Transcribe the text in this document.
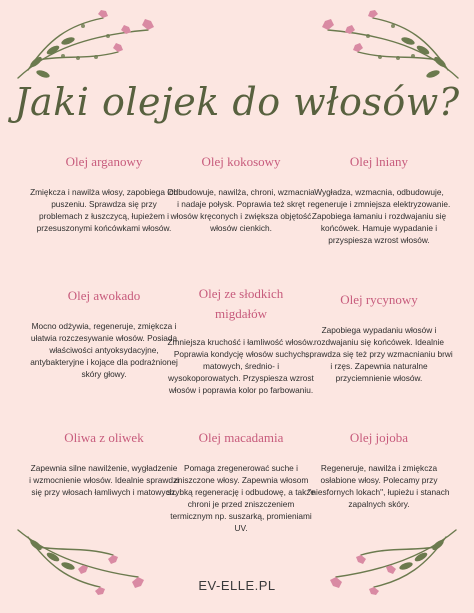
Jaki olejek do włosów?
Olej arganowy
Zmiękcza i nawilża włosy, zapobiega ich puszeniu. Sprawdza się przy problemach z łuszczycą, łupieżem i przesuszonymi końcówkami włosów.
Olej kokosowy
Odbudowuje, nawilża, chroni, wzmacnia i nadaje połysk. Poprawia też skręt włosów kręconych i zwiększa objętość włosów cienkich.
Olej lniany
Wygładza, wzmacnia, odbudowuje, regeneruje i zmniejsza elektryzowanie. Zapobiega łamaniu i rozdwajaniu się końcówek. Hamuje wypadanie i przyspiesza wzrost włosów.
Olej awokado
Mocno odżywia, regeneruje, zmiękcza i ułatwia rozczesywanie włosów. Posiada właściwości antyoksydacyjne, antybakteryjne i kojące dla podrażnionej skóry głowy.
Olej ze słodkich migdałów
Zmniejsza kruchość i łamliwość włosów. Poprawia kondycję włosów suchych, matowych, średnio- i wysokoporowatych. Przyspiesza wzrost włosów i poprawia kolor po farbowaniu.
Olej rycynowy
Zapobiega wypadaniu włosów i rozdwajaniu się końcówek. Idealnie sprawdza się też przy wzmacnianiu brwi i rzęs. Zapewnia naturalne przyciemnienie włosów.
Oliwa z oliwek
Zapewnia silne nawilżenie, wygładzenie i wzmocnienie włosów. Idealnie sprawdzi się przy włosach łamliwych i matowych.
Olej macadamia
Pomaga zregenerować suche i zniszczone włosy. Zapewnia włosom szybką regenerację i odbudowę, a także chroni je przed zniszczeniem termicznym np. suszarką, promieniami UV.
Olej jojoba
Regeneruje, nawilża i zmiękcza osłabione włosy. Polecamy przy "niesfornych lokach", łupieżu i stanach zapalnych skóry.
EV-ELLE.PL
